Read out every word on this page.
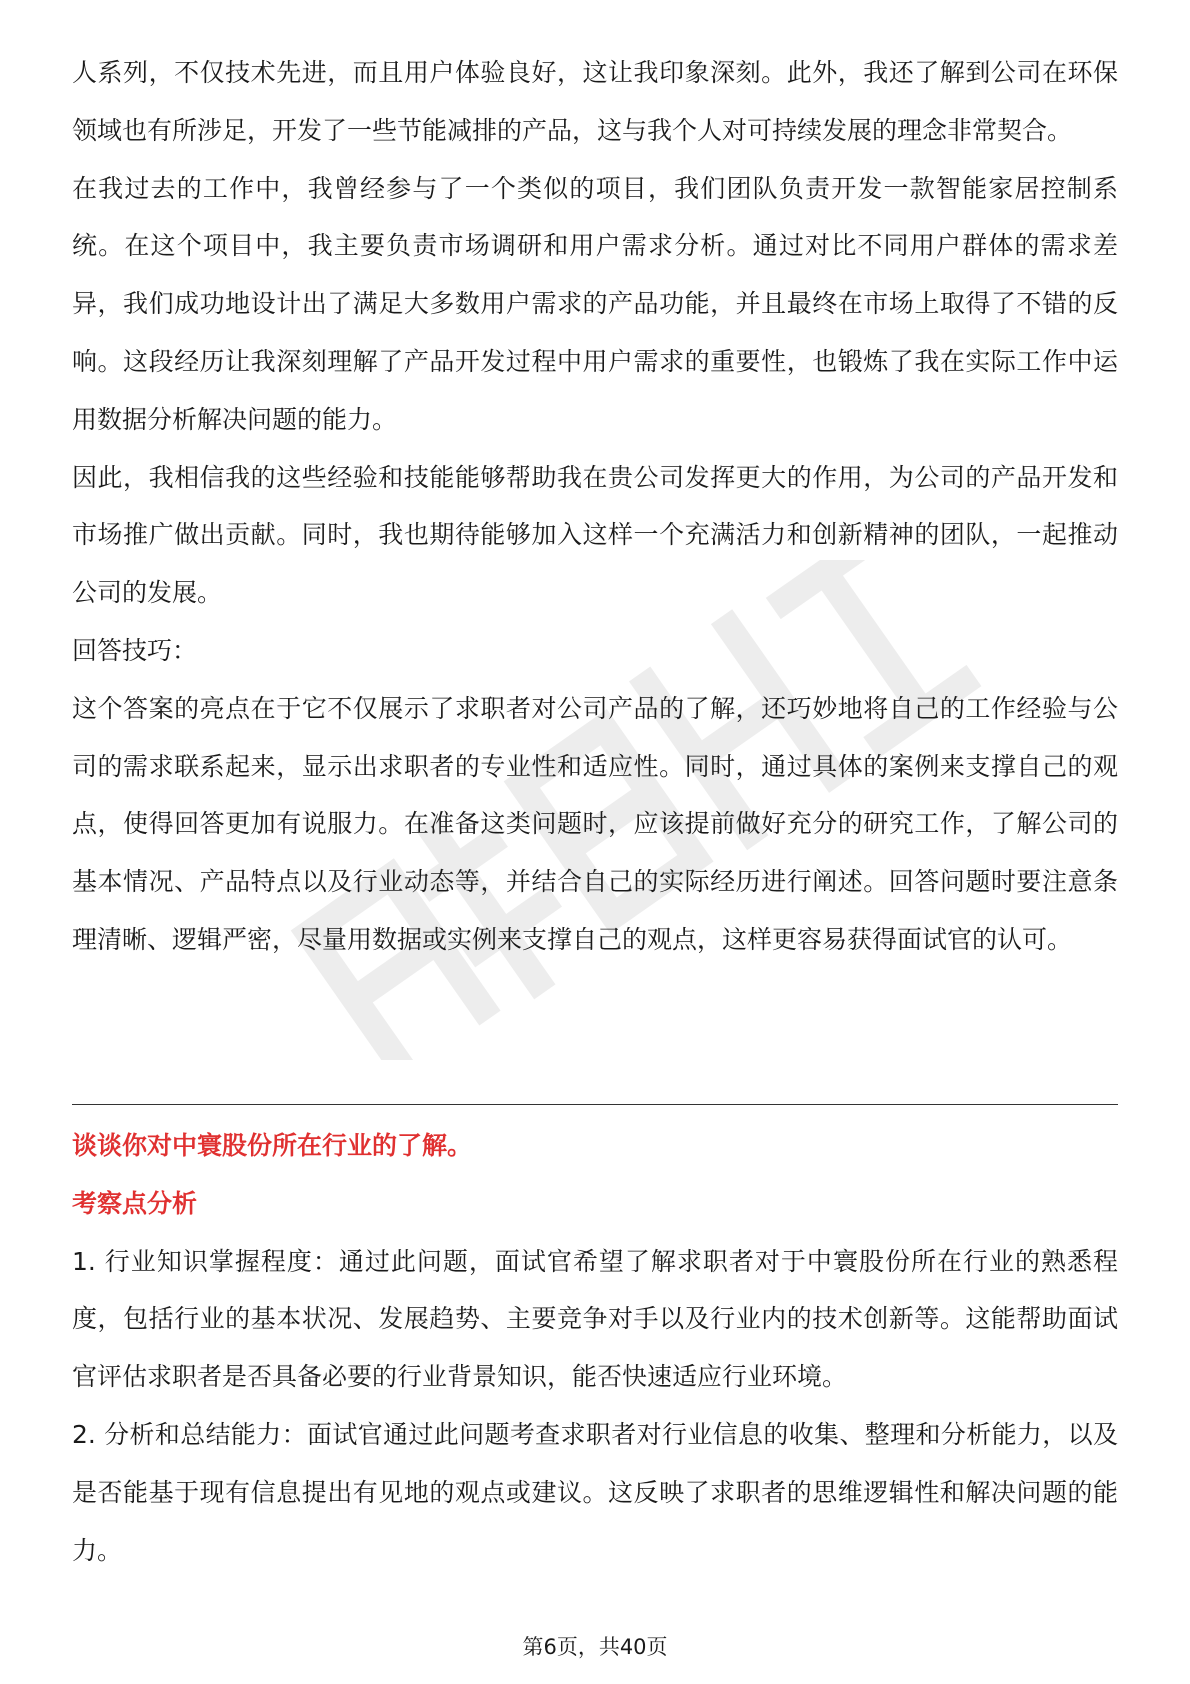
人系列，不仅技术先进，而且用户体验良好，这让我印象深刻。此外，我还了解到公司在环保领域也有所涉足，开发了一些节能减排的产品，这与我个人对可持续发展的理念非常契合。

在我过去的工作中，我曾经参与了一个类似的项目，我们团队负责开发一款智能家居控制系统。在这个项目中，我主要负责市场调研和用户需求分析。通过对比不同用户群体的需求差异，我们成功地设计出了满足大多数用户需求的产品功能，并且最终在市场上取得了不错的反响。这段经历让我深刻理解了产品开发过程中用户需求的重要性，也锻炼了我在实际工作中运用数据分析解决问题的能力。

因此，我相信我的这些经验和技能能够帮助我在贵公司发挥更大的作用，为公司的产品开发和市场推广做出贡献。同时，我也期待能够加入这样一个充满活力和创新精神的团队，一起推动公司的发展。

回答技巧：

这个答案的亮点在于它不仅展示了求职者对公司产品的了解，还巧妙地将自己的工作经验与公司的需求联系起来，显示出求职者的专业性和适应性。同时，通过具体的案例来支撑自己的观点，使得回答更加有说服力。在准备这类问题时，应该提前做好充分的研究工作，了解公司的基本情况、产品特点以及行业动态等，并结合自己的实际经历进行阐述。回答问题时要注意条理清晰、逻辑严密，尽量用数据或实例来支撑自己的观点，这样更容易获得面试官的认可。

谈谈你对中寰股份所在行业的了解。

考察点分析

1. 行业知识掌握程度：通过此问题，面试官希望了解求职者对于中寰股份所在行业的熟悉程度，包括行业的基本状况、发展趋势、主要竞争对手以及行业内的技术创新等。这能帮助面试官评估求职者是否具备必要的行业背景知识，能否快速适应行业环境。

2. 分析和总结能力：面试官通过此问题考查求职者对行业信息的收集、整理和分析能力，以及是否能基于现有信息提出有见地的观点或建议。这反映了求职者的思维逻辑性和解决问题的能力。

第6页，共40页
